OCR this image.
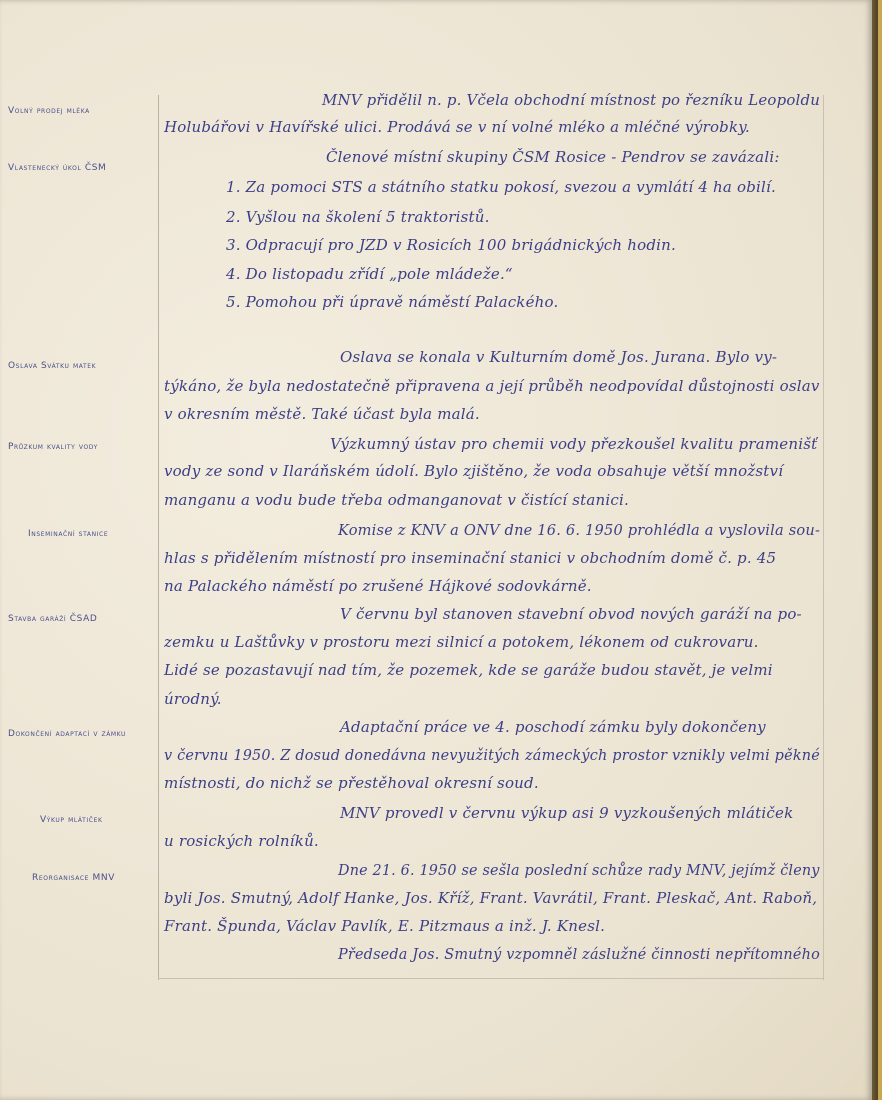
Volný prodej mléka
Vlastenecký úkol ČSM
Oslava Svátku matek
Průzkum kvality vody
Inseminační stanice
Stavba garáží ČSAD
Dokončení adaptací v zámku
Výkup mlátiček
Reorganisace MNV
MNV přidělil n. p. Včela obchodní místnost po řezníku Leopoldu
Holubářovi v Havířské ulici. Prodává se v ní volné mléko a mléčné výrobky.
Členové místní skupiny ČSM Rosice - Pendrov se zavázali:
1. Za pomoci STS a státního statku pokosí, svezou a vymlátí 4 ha obilí.
2. Vyšlou na školení 5 traktoristů.
3. Odpracují pro JZD v Rosicích 100 brigádnických hodin.
4. Do listopadu zřídí „pole mládeže.“
5. Pomohou při úpravě náměstí Palackého.
Oslava se konala v Kulturním domě Jos. Jurana. Bylo vy-
týkáno, že byla nedostatečně připravena a její průběh neodpovídal důstojnosti oslav
v okresním městě. Také účast byla malá.
Výzkumný ústav pro chemii vody přezkoušel kvalitu pramenišť
vody ze sond v Ilaráňském údolí. Bylo zjištěno, že voda obsahuje větší množství
manganu a vodu bude třeba odmanganovat v čistící stanici.
Komise z KNV a ONV dne 16. 6. 1950 prohlédla a vyslovila sou-
hlas s přidělením místností pro inseminační stanici v obchodním domě č. p. 45
na Palackého náměstí po zrušené Hájkové sodovkárně.
V červnu byl stanoven stavební obvod nových garáží na po-
zemku u Laštůvky v prostoru mezi silnicí a potokem, lékonem od cukrovaru.
Lidé se pozastavují nad tím, že pozemek, kde se garáže budou stavět, je velmi
úrodný.
Adaptační práce ve 4. poschodí zámku byly dokončeny
v červnu 1950. Z dosud donedávna nevyužitých zámeckých prostor vznikly velmi pěkné
místnosti, do nichž se přestěhoval okresní soud.
MNV provedl v červnu výkup asi 9 vyzkoušených mlátiček
u rosických rolníků.
Dne 21. 6. 1950 se sešla poslední schůze rady MNV, jejímž členy
byli Jos. Smutný, Adolf Hanke, Jos. Kříž, Frant. Vavrátil, Frant. Pleskač, Ant. Raboň,
Frant. Špunda, Václav Pavlík, E. Pitzmaus a inž. J. Knesl.
Předseda Jos. Smutný vzpomněl záslužné činnosti nepřítomného
